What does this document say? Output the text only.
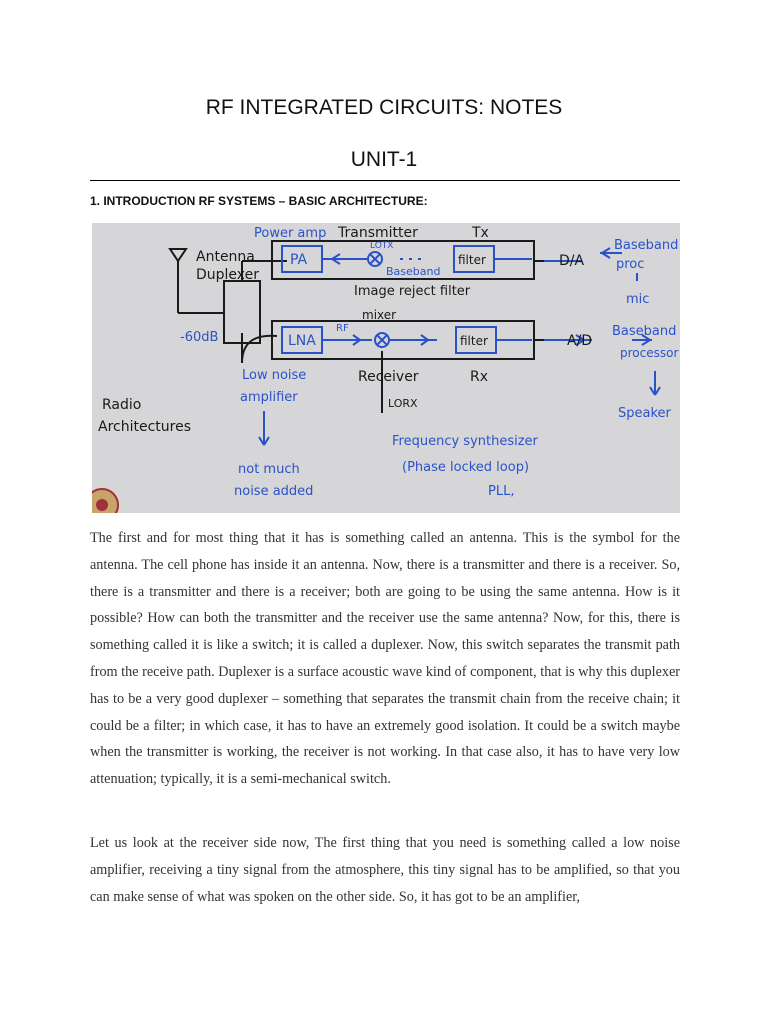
RF INTEGRATED CIRCUITS: NOTES
UNIT-1
1. INTRODUCTION RF SYSTEMS – BASIC ARCHITECTURE:
Power amp
PA
LOTX
Baseband
filter	D/A
Baseband
proc
mic
Image reject filter
mixer
RF
-60dB	LNA	filter	A/D
Baseband
processor
Low noise
amplifier
not much
noise added
Frequency synthesizer
(Phase locked loop)
PLL,
Speaker
Transmitter	Tx
Antenna
Duplexer
Receiver	Rx
LORX
Radio
Architectures

The first and for most thing that it has is something called an antenna. This is the symbol for the antenna. The cell phone has inside it an antenna. Now, there is a transmitter and there is a receiver. So, there is a transmitter and there is a receiver; both are going to be using the same antenna. How is it possible? How can both the transmitter and the receiver use the same antenna? Now, for this, there is something called it is like a switch; it is called a duplexer. Now, this switch separates the transmit path from the receive path. Duplexer is a surface acoustic wave kind of component, that is why this duplexer has to be a very good duplexer – something that separates the transmit chain from the receive chain; it could be a filter; in which case, it has to have an extremely good isolation. It could be a switch maybe when the transmitter is working, the receiver is not working. In that case also, it has to have very low attenuation; typically, it is a semi-mechanical switch.

Let us look at the receiver side now, The first thing that you need is something called a low noise amplifier, receiving a tiny signal from the atmosphere, this tiny signal has to be amplified, so that you can make sense of what was spoken on the other side. So, it has got to be an amplifier,
